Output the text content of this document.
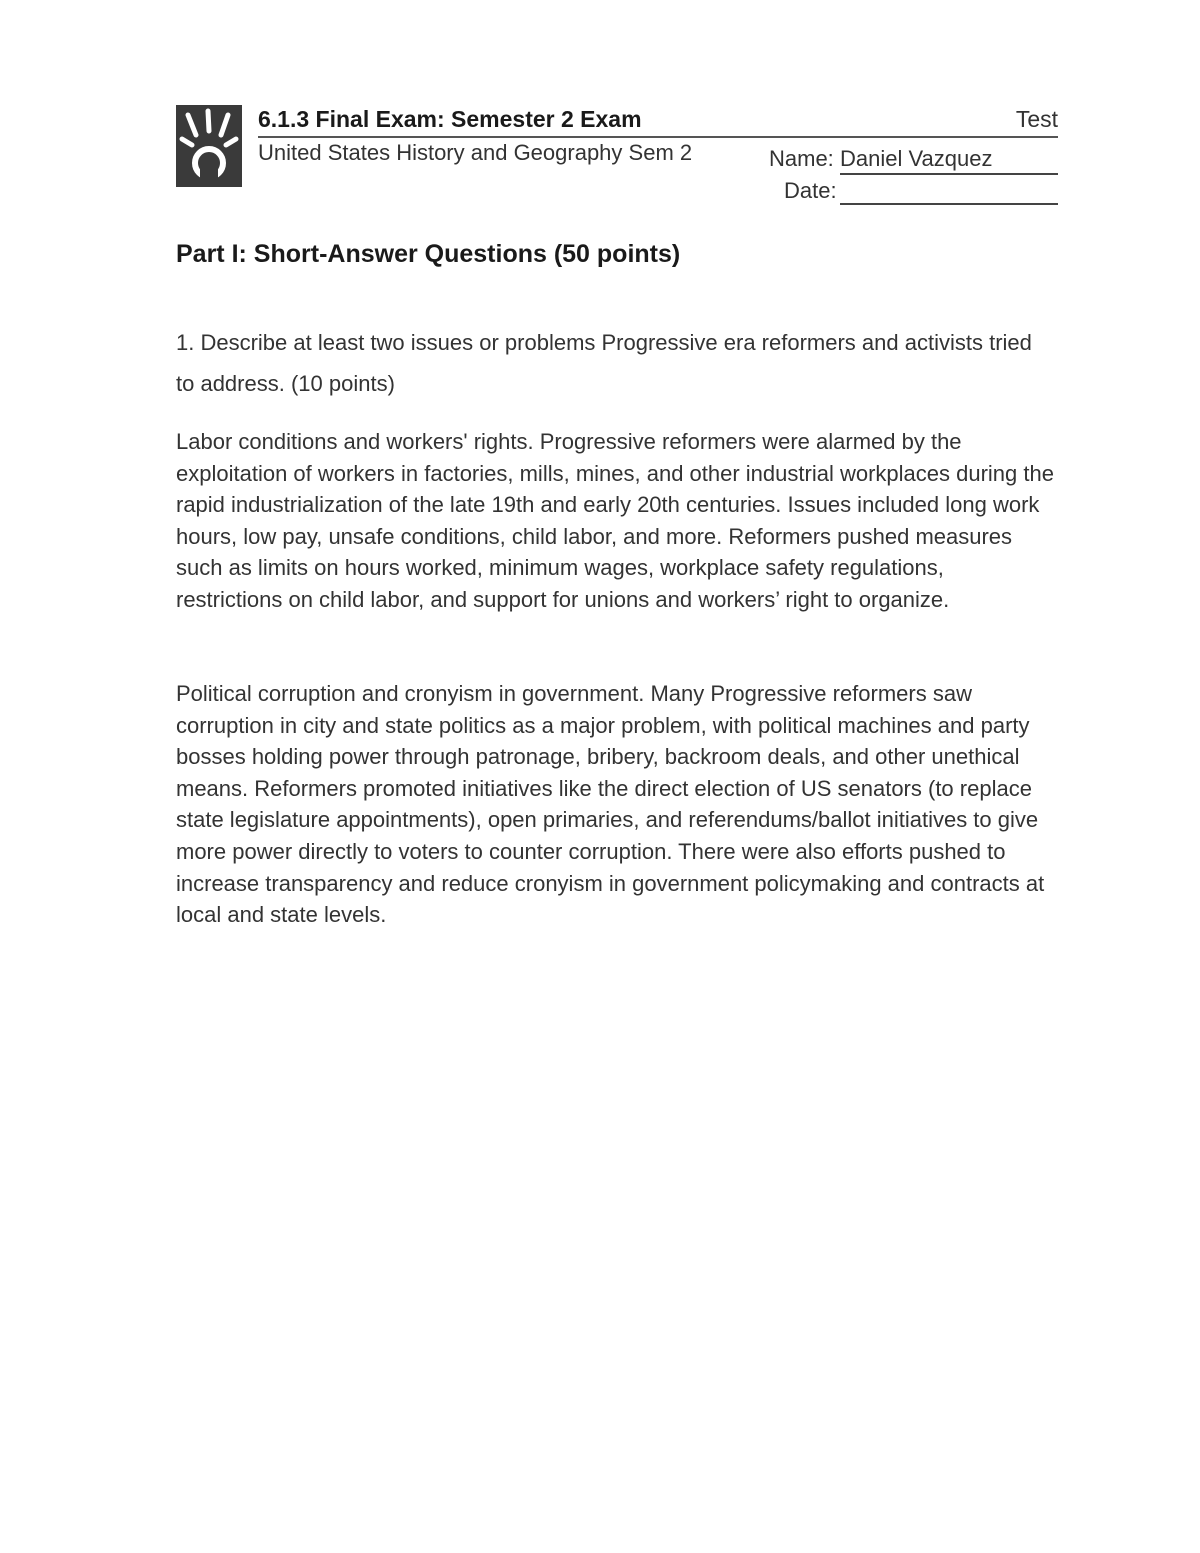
6.1.3 Final Exam: Semester 2 Exam	Test
United States History and Geography Sem 2	Name: Daniel Vazquez
Date:
Part I: Short-Answer Questions (50 points)
1. Describe at least two issues or problems Progressive era reformers and activists tried to address. (10 points)
Labor conditions and workers' rights. Progressive reformers were alarmed by the exploitation of workers in factories, mills, mines, and other industrial workplaces during the rapid industrialization of the late 19th and early 20th centuries. Issues included long work hours, low pay, unsafe conditions, child labor, and more. Reformers pushed measures such as limits on hours worked, minimum wages, workplace safety regulations, restrictions on child labor, and support for unions and workers’ right to organize.
Political corruption and cronyism in government. Many Progressive reformers saw corruption in city and state politics as a major problem, with political machines and party bosses holding power through patronage, bribery, backroom deals, and other unethical means. Reformers promoted initiatives like the direct election of US senators (to replace state legislature appointments), open primaries, and referendums/ballot initiatives to give more power directly to voters to counter corruption. There were also efforts pushed to increase transparency and reduce cronyism in government policymaking and contracts at local and state levels.
